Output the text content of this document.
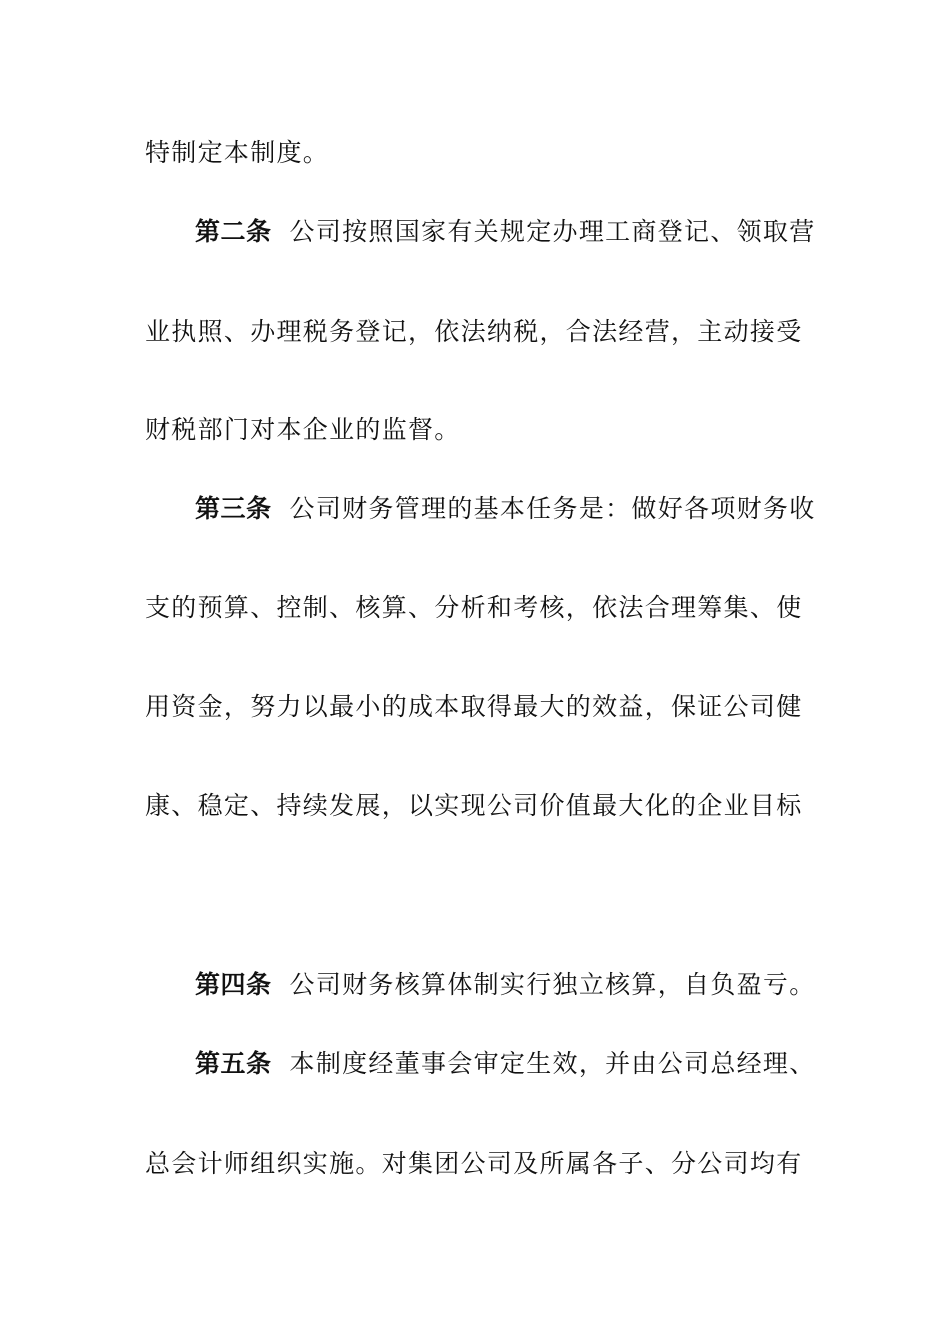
特制定本制度。
第二条 公司按照国家有关规定办理工商登记、领取营
业执照、办理税务登记，依法纳税，合法经营，主动接受
财税部门对本企业的监督。
第三条 公司财务管理的基本任务是：做好各项财务收
支的预算、控制、核算、分析和考核，依法合理筹集、使
用资金，努力以最小的成本取得最大的效益，保证公司健
康、稳定、持续发展，以实现公司价值最大化的企业目标
第四条 公司财务核算体制实行独立核算，自负盈亏。
第五条 本制度经董事会审定生效，并由公司总经理、
总会计师组织实施。对集团公司及所属各子、分公司均有
